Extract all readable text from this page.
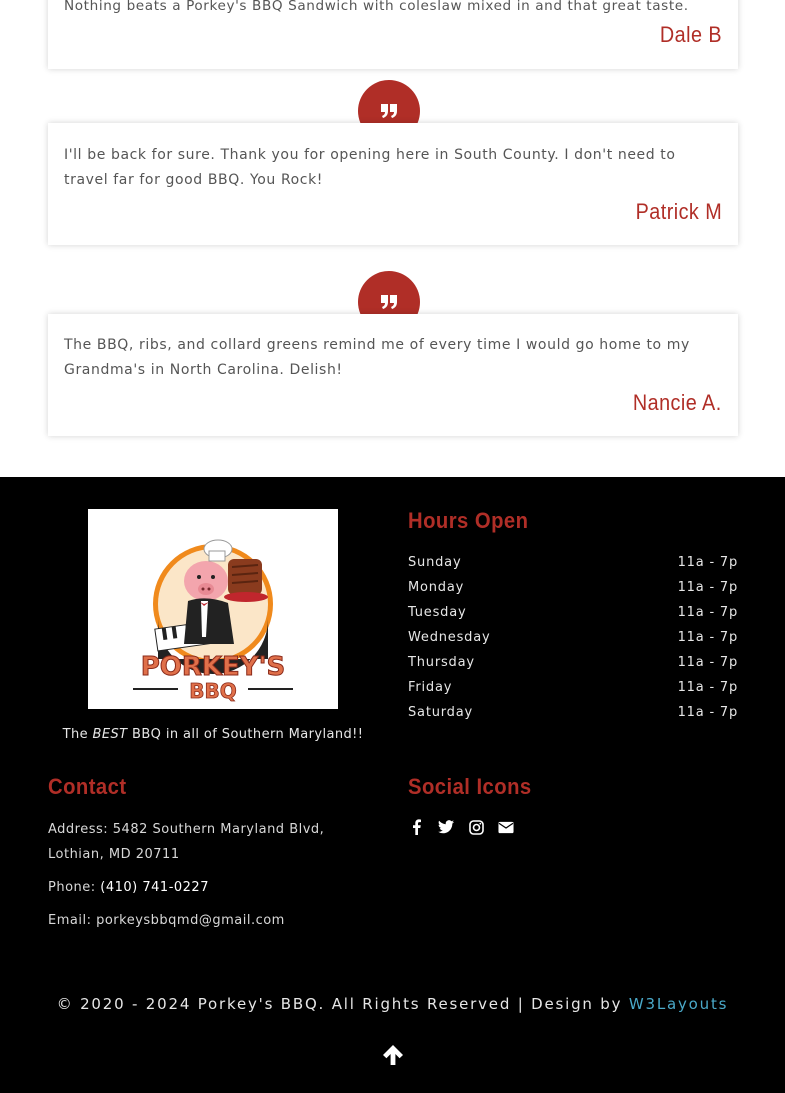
Nothing beats a Porkey's BBQ Sandwich with coleslaw mixed in and that great taste.

Dale B

I'll be back for sure. Thank you for opening here in South County. I don't need to travel far for good BBQ. You Rock!

Patrick M

The BBQ, ribs, and collard greens remind me of every time I would go home to my Grandma's in North Carolina. Delish!

Nancie A.
PORKEY'S
BBQ

The BEST BBQ in all of Southern Maryland!!

Hours Open
Sunday	11a - 7p
Monday	11a - 7p
Tuesday	11a - 7p
Wednesday	11a - 7p
Thursday	11a - 7p
Friday	11a - 7p
Saturday	11a - 7p
Contact
Address: 5482 Southern Maryland Blvd,
Lothian, MD 20711
Phone: (410) 741-0227
Email: porkeysbbqmd@gmail.com
Social Icons

© 2020 - 2024 Porkey's BBQ. All Rights Reserved | Design by W3Layouts
